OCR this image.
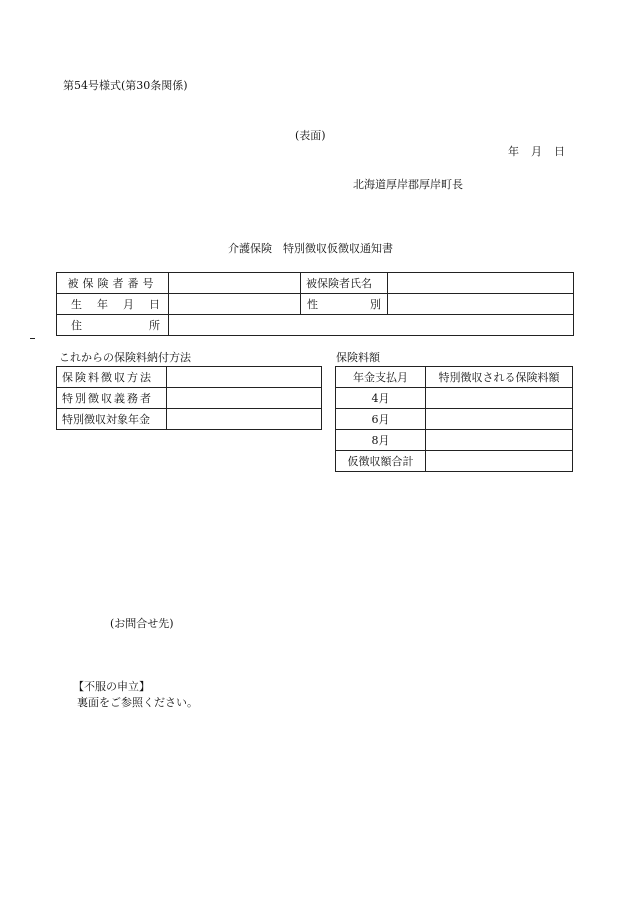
第54号様式(第30条関係)
(表面)
年 月 日
北海道厚岸郡厚岸町長
介護保険　特別徴収仮徴収通知書
被保険者番号		被保険者氏名	

生 年 月 日		性 別	

住 所			

これからの保険料納付方法
保険料徴収方法	
特別徴収義務者	
特別徴収対象年金	
保険料額
年金支払月	特別徴収される保険料額
4月	
6月	
8月	
仮徴収額合計	
(お問合せ先)
【不服の申立】
裏面をご参照ください。
